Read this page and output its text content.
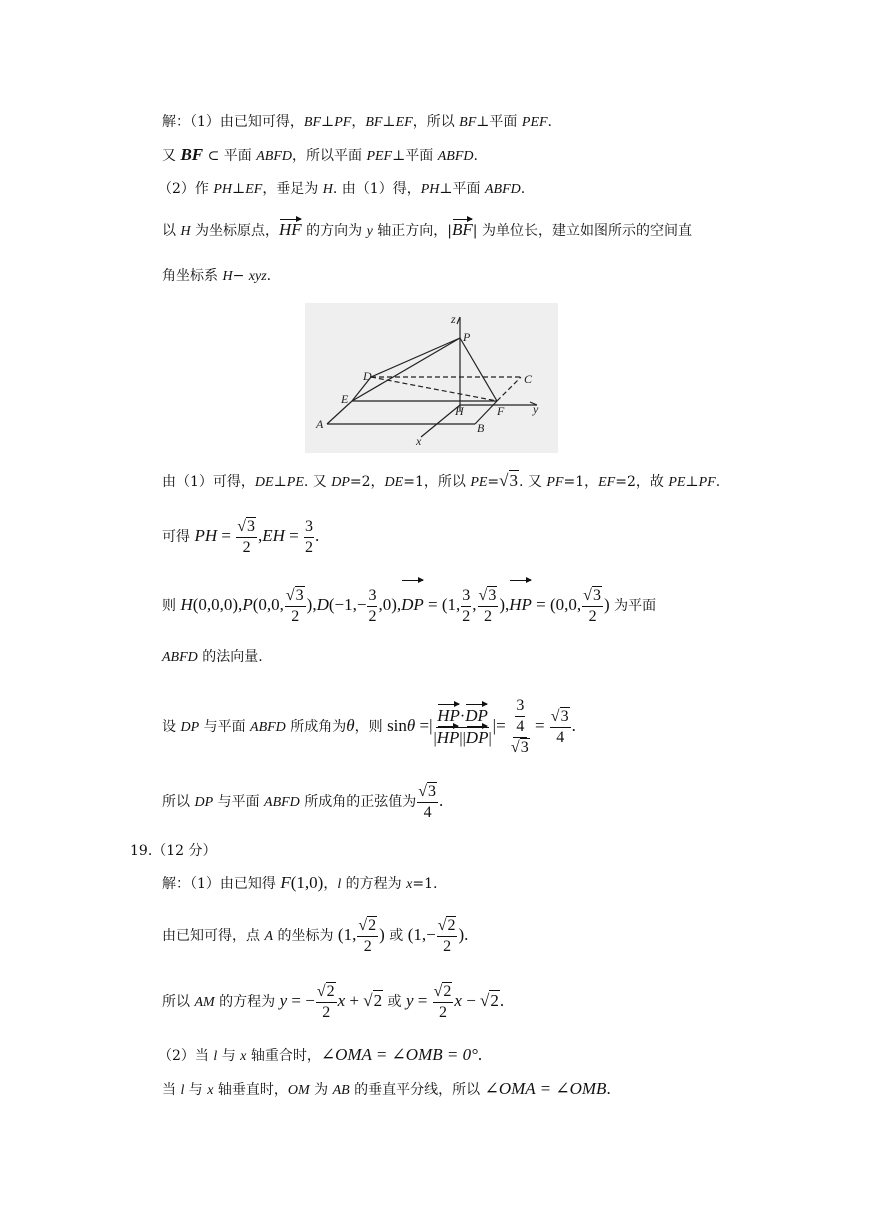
解：（1）由已知可得，BF⊥PF，BF⊥EF，所以 BF⊥平面 PEF.
又 BF ⊂ 平面 ABFD，所以平面 PEF⊥平面 ABFD.
（2）作 PH⊥EF，垂足为 H. 由（1）得，PH⊥平面 ABFD.
以 H 为坐标原点，HF 的方向为 y 轴正方向，|BF| 为单位长，建立如图所示的空间直
角坐标系 H− xyz.
z
P
D	C
E
H	F y
A	B
x
由（1）可得，DE⊥PE. 又 DP=2，DE=1，所以 PE=√3. 又 PF=1，EF=2，故 PE⊥PF.
可得 PH = $\frac{√3}{2} ,EH = \frac{3}{2}$ .
则 H(0,0,0),P(0,0, $\frac{√3}{2} ),D(-1,- \frac{3}{2} ,0),DP = (1$, $\frac{3}{2}$ , $\frac{√3}{2} ),HP = (0,0$, $\frac{√3}{2}$ ) 为平面
ABFD 的法向量.
设 DP 与平面 ABFD 所成角为θ，则 sinθ =| $\frac{HP\cdot DP}{|HP||DP|}$ |= $\frac{\frac{3}{4}}{√3} = \frac{√3}{4}$ .
所以 DP 与平面 ABFD 所成角的正弦值为 $\frac{√3}{4}$ .
19.（12 分）
解：（1）由已知得 F(1,0)，l 的方程为 x=1.
由已知可得，点 A 的坐标为 (1, $\frac{√2}{2}$ ) 或 ($1,- \frac{√2}{2}$ ).
所以 AM 的方程为 y = − $\frac{√2}{2}$ x + √2 或 $y = \frac{√2}{2}$ x − √2.
（2）当 l 与 x 轴重合时，∠OMA = ∠OMB = 0°.
当 l 与 x 轴垂直时，OM 为 AB 的垂直平分线，所以 ∠OMA = ∠OMB.
